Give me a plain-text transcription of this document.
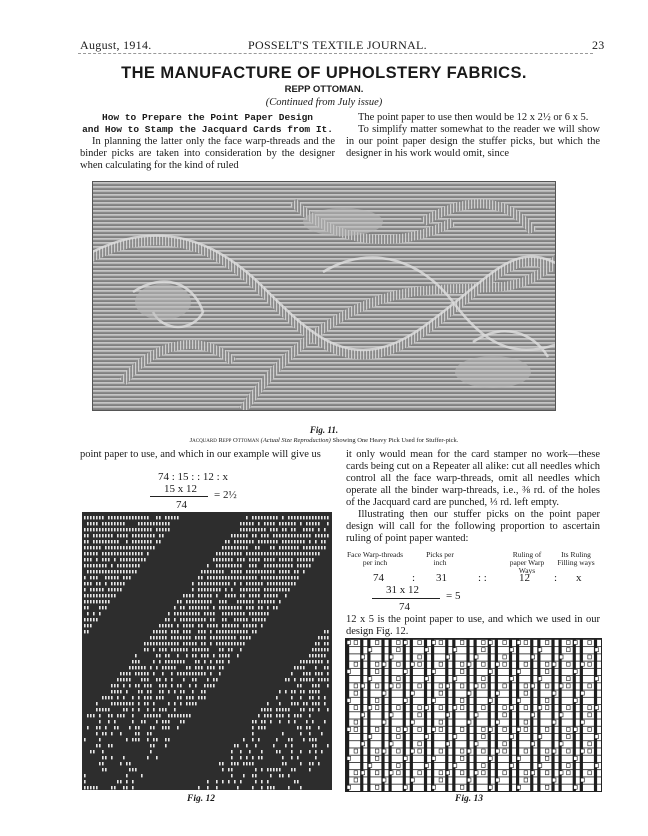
August, 1914.	POSSELT'S TEXTILE JOURNAL.	23
THE MANUFACTURE OF UPHOLSTERY FABRICS.
REPP OTTOMAN.
(Continued from July issue)
How to Prepare the Point Paper Design
and How to Stamp the Jacquard Cards from It.

In planning the latter only the face warp-threads and the binder picks are taken into consideration by the designer when calculating for the kind of ruled

The point paper to use then would be 12 x 2½ or 6 x 5.

To simplify matter somewhat to the reader we will show in our point paper design the stuffer picks, but which the designer in his work would omit, since

Fig. 11.
Jacquard Repp Ottoman (Actual Size Reproduction) Showing One Heavy Pick Used for Stuffer-pick.
point paper to use, and which in our example will give us
74 : 15 : : 12 : x
15 x 12 = 2½
74
Fig. 12

it only would mean for the card stamper no work—these cards being cut on a Repeater all alike: cut all needles which control all the face warp-threads, omit all needles which operate all the binder warp-threads, i.e., ⅜ rd. of the holes of the Jacquard card are punched, ⅓ rd. left empty.

Illustrating then our stuffer picks on the point paper design will call for the following proportion to ascertain ruling of point paper wanted:

Face Warp-threads per inch
Picks per inch
Ruling of paper Warp Ways
Its Ruling Filling ways
74	: 31	: :	12 : x
31 x 12 = 5
74
12 x 5 is the point paper to use, and which we used in our design Fig. 12.
Fig. 13
